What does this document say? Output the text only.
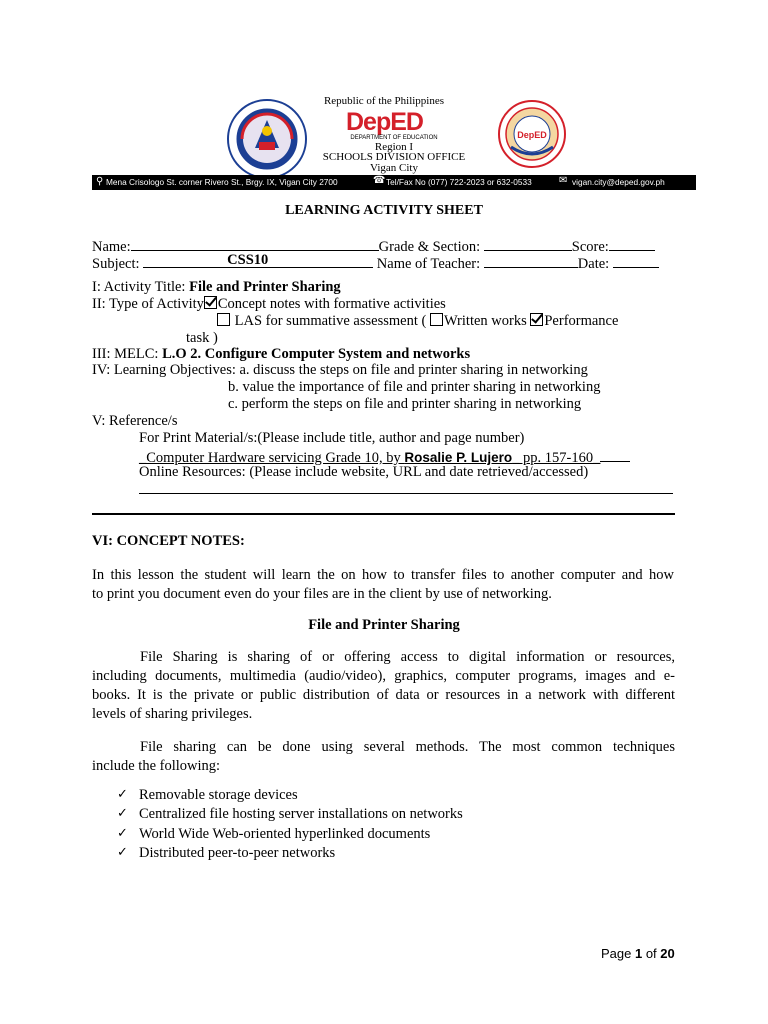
Republic of the Philippines
DepED
DEPARTMENT OF EDUCATION
Region I
SCHOOLS DIVISION OFFICE
Vigan City
DepED
⚲ Mena Crisologo St. corner Rivero St., Brgy. IX, Vigan City 2700	☎ Tel/Fax No (077) 722-2023 or 632-0533	✉ vigan.city@deped.gov.ph
LEARNING ACTIVITY SHEET
Name:	Grade & Section:	Score:
Subject:	CSS10	Name of Teacher:	Date:
I: Activity Title: File and Printer Sharing
II: Type of Activity Concept notes with formative activities
LAS for summative assessment ( Written works Performance
task )
III: MELC: L.O 2. Configure Computer System and networks
IV: Learning Objectives: a. discuss the steps on file and printer sharing in networking
b. value the importance of file and printer sharing in networking
c. perform the steps on file and printer sharing in networking
V: Reference/s
For Print Material/s:(Please include title, author and page number)
_Computer Hardware servicing Grade 10, by Rosalie P. Lujero_ pp. 157-160_
Online Resources: (Please include website, URL and date retrieved/accessed)
VI: CONCEPT NOTES:
In this lesson the student will learn the on how to transfer files to another computer and how
to print you document even do your files are in the client by use of networking.
File and Printer Sharing
File Sharing is sharing of or offering access to digital information or resources,
including documents, multimedia (audio/video), graphics, computer programs, images and e-
books. It is the private or public distribution of data or resources in a network with different
levels of sharing privileges.
File sharing can be done using several methods. The most common techniques
include the following:
✓ Removable storage devices
✓ Centralized file hosting server installations on networks
✓ World Wide Web-oriented hyperlinked documents
✓ Distributed peer-to-peer networks
Page 1 of 20
